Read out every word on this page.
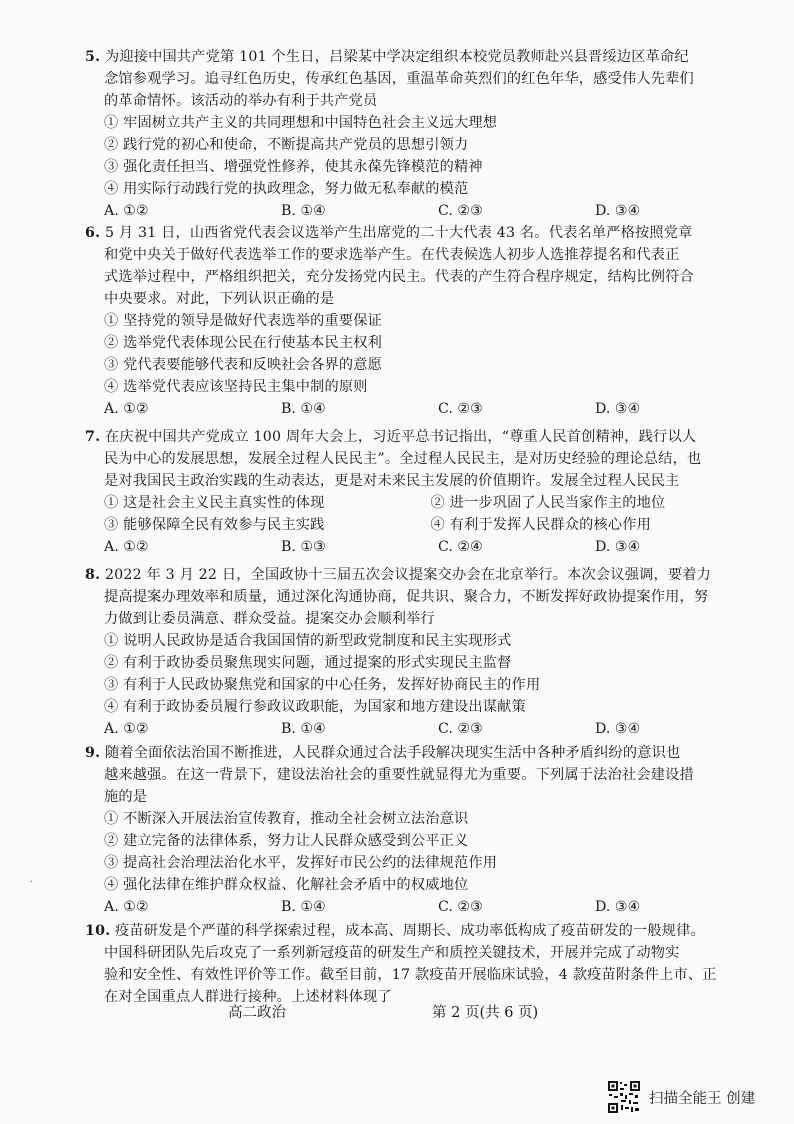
5. 为迎接中国共产党第 101 个生日，吕梁某中学决定组织本校党员教师赴兴县晋绥边区革命纪

念馆参观学习。追寻红色历史，传承红色基因，重温革命英烈们的红色年华，感受伟人先辈们

的革命情怀。该活动的举办有利于共产党员

① 牢固树立共产主义的共同理想和中国特色社会主义远大理想

② 践行党的初心和使命，不断提高共产党员的思想引领力

③ 强化责任担当、增强党性修养，使其永葆先锋模范的精神

④ 用实际行动践行党的执政理念，努力做无私奉献的模范

A. ①②	B. ①④	C. ②③	D. ③④

6. 5 月 31 日，山西省党代表会议选举产生出席党的二十大代表 43 名。代表名单严格按照党章

和党中央关于做好代表选举工作的要求选举产生。在代表候选人初步人选推荐提名和代表正

式选举过程中，严格组织把关，充分发扬党内民主。代表的产生符合程序规定，结构比例符合

中央要求。对此，下列认识正确的是

① 坚持党的领导是做好代表选举的重要保证

② 选举党代表体现公民在行使基本民主权利

③ 党代表要能够代表和反映社会各界的意愿

④ 选举党代表应该坚持民主集中制的原则

A. ①②	B. ①④	C. ②③	D. ③④

7. 在庆祝中国共产党成立 100 周年大会上，习近平总书记指出，“尊重人民首创精神，践行以人

民为中心的发展思想，发展全过程人民民主”。全过程人民民主，是对历史经验的理论总结，也

是对我国民主政治实践的生动表达，更是对未来民主发展的价值期许。发展全过程人民民主

① 这是社会主义民主真实性的体现	② 进一步巩固了人民当家作主的地位

③ 能够保障全民有效参与民主实践	④ 有利于发挥人民群众的核心作用

A. ①②	B. ①③	C. ②④	D. ③④

8. 2022 年 3 月 22 日，全国政协十三届五次会议提案交办会在北京举行。本次会议强调，要着力

提高提案办理效率和质量，通过深化沟通协商，促共识、聚合力，不断发挥好政协提案作用，努

力做到让委员满意、群众受益。提案交办会顺利举行

① 说明人民政协是适合我国国情的新型政党制度和民主实现形式

② 有利于政协委员聚焦现实问题，通过提案的形式实现民主监督

③ 有利于人民政协聚焦党和国家的中心任务，发挥好协商民主的作用

④ 有利于政协委员履行参政议政职能，为国家和地方建设出谋献策

A. ①②	B. ①④	C. ②③	D. ③④

9. 随着全面依法治国不断推进，人民群众通过合法手段解决现实生活中各种矛盾纠纷的意识也

越来越强。在这一背景下，建设法治社会的重要性就显得尤为重要。下列属于法治社会建设措

施的是

① 不断深入开展法治宣传教育，推动全社会树立法治意识

② 建立完备的法律体系，努力让人民群众感受到公平正义

③ 提高社会治理法治化水平，发挥好市民公约的法律规范作用

④ 强化法律在维护群众权益、化解社会矛盾中的权威地位

A. ①②	B. ①④	C. ②③	D. ③④

10. 疫苗研发是个严谨的科学探索过程，成本高、周期长、成功率低构成了疫苗研发的一般规律。

中国科研团队先后攻克了一系列新冠疫苗的研发生产和质控关键技术，开展并完成了动物实

验和安全性、有效性评价等工作。截至目前，17 款疫苗开展临床试验，4 款疫苗附条件上市、正

在对全国重点人群进行接种。上述材料体现了

·
高二政治	第 2 页(共 6 页)
扫描全能王 创建
